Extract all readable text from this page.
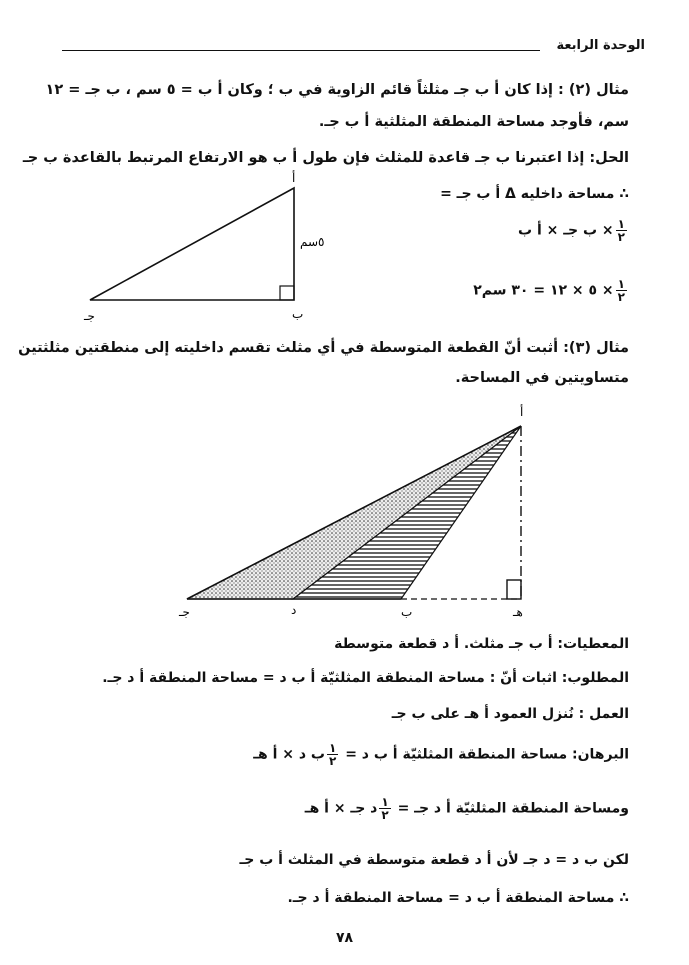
الوحدة الرابعة
مثال (٢) : إذا كان أ ب جـ مثلثاً قائم الزاوية في ب ؛ وكان أ ب = ٥ سم ، ب جـ = ١٢
سم، فأوجد مساحة المنطقة المثلثية أ ب جـ.
الحل: إذا اعتبرنا ب جـ قاعدة للمثلث فإن طول أ ب هو الارتفاع المرتبط بالقاعدة ب جـ
∴ مساحة داخليه Δ أ ب جـ =
$\frac{١}{٢}$
× ب جـ × أ ب
$\frac{١}{٢}$
× ٥ × ١٢ = ٣٠ سم٢
أ
ب
جـ
٥سم
مثال (٣): أثبت أنّ القطعة المتوسطة في أي مثلث تقسم داخليته إلى منطقتين مثلثتين
متساويتين في المساحة.
أ
جـ	د	ب	هـ
المعطيات: أ ب جـ مثلث. أ د قطعة متوسطة
المطلوب: اثبات أنّ : مساحة المنطقة المثلثيّة أ ب د = مساحة المنطقة أ د جـ.
العمل : نُنزل العمود أ هـ على ب جـ
البرهان: مساحة المنطقة المثلثيّة أ ب د =
$\frac{١}{٢}$
ب د × أ هـ
ومساحة المنطقة المثلثيّة أ د جـ =
$\frac{١}{٢}$
د جـ × أ هـ
لكن ب د = د جـ لأن أ د قطعة متوسطة في المثلث أ ب جـ
∴ مساحة المنطقة أ ب د = مساحة المنطقة أ د جـ.
٧٨
